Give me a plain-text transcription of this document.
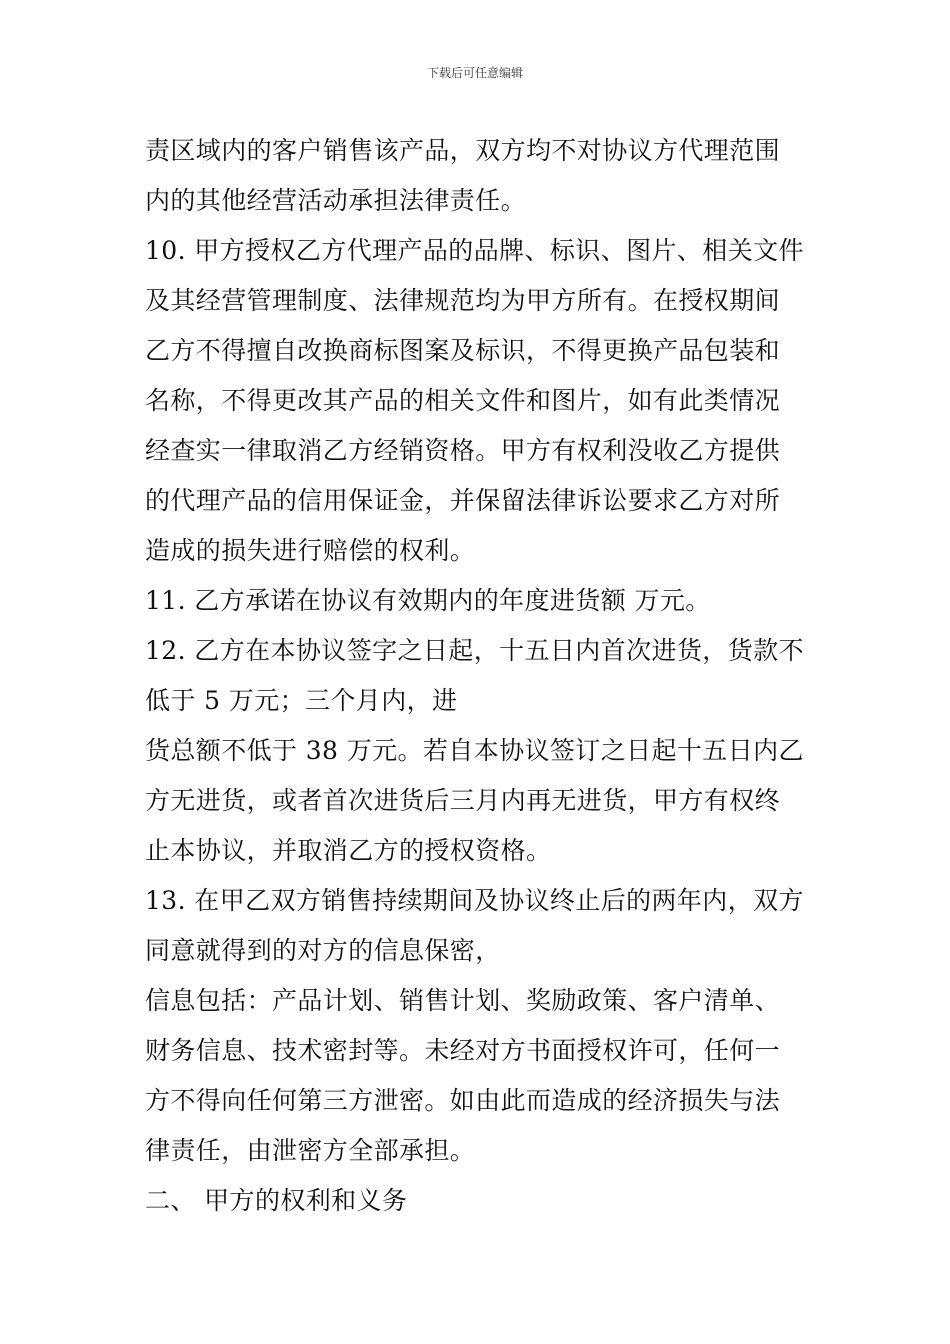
下载后可任意编辑
责区域内的客户销售该产品，双方均不对协议方代理范围
内的其他经营活动承担法律责任。
10. 甲方授权乙方代理产品的品牌、标识、图片、相关文件
及其经营管理制度、法律规范均为甲方所有。在授权期间
乙方不得擅自改换商标图案及标识，不得更换产品包装和
名称，不得更改其产品的相关文件和图片，如有此类情况
经查实一律取消乙方经销资格。甲方有权利没收乙方提供
的代理产品的信用保证金，并保留法律诉讼要求乙方对所
造成的损失进行赔偿的权利。
11. 乙方承诺在协议有效期内的年度进货额 万元。
12. 乙方在本协议签字之日起，十五日内首次进货，货款不
低于 5 万元；三个月内，进
货总额不低于 38 万元。若自本协议签订之日起十五日内乙
方无进货，或者首次进货后三月内再无进货，甲方有权终
止本协议，并取消乙方的授权资格。
13. 在甲乙双方销售持续期间及协议终止后的两年内，双方
同意就得到的对方的信息保密，
信息包括：产品计划、销售计划、奖励政策、客户清单、
财务信息、技术密封等。未经对方书面授权许可，任何一
方不得向任何第三方泄密。如由此而造成的经济损失与法
律责任，由泄密方全部承担。
二、 甲方的权利和义务
